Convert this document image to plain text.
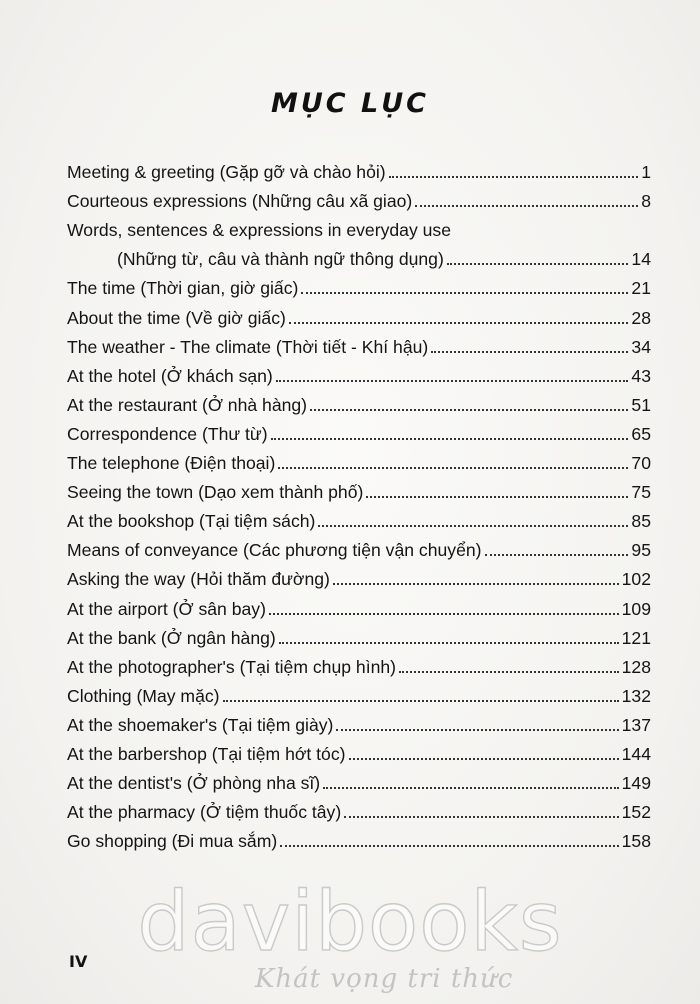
MỤC LỤC
Meeting & greeting (Gặp gỡ và chào hỏi)	1
Courteous expressions (Những câu xã giao)	8
Words, sentences & expressions in everyday use
(Những từ, câu và thành ngữ thông dụng)	14
The time (Thời gian, giờ giấc)	21
About the time (Về giờ giấc)	28
The weather - The climate (Thời tiết - Khí hậu)	34
At the hotel (Ở khách sạn)	43
At the restaurant (Ở nhà hàng)	51
Correspondence (Thư từ)	65
The telephone (Điện thoại)	70
Seeing the town (Dạo xem thành phố)	75
At the bookshop (Tại tiệm sách)	85
Means of conveyance (Các phương tiện vận chuyển)	95
Asking the way (Hỏi thăm đường)	102
At the airport (Ở sân bay)	109
At the bank (Ở ngân hàng)	121
At the photographer's (Tại tiệm chụp hình)	128
Clothing (May mặc)	132
At the shoemaker's (Tại tiệm giày)	137
At the barbershop (Tại tiệm hớt tóc)	144
At the dentist's (Ở phòng nha sĩ)	149
At the pharmacy (Ở tiệm thuốc tây)	152
Go shopping (Đi mua sắm)	158
davibooks
Khát vọng tri thức
IV
